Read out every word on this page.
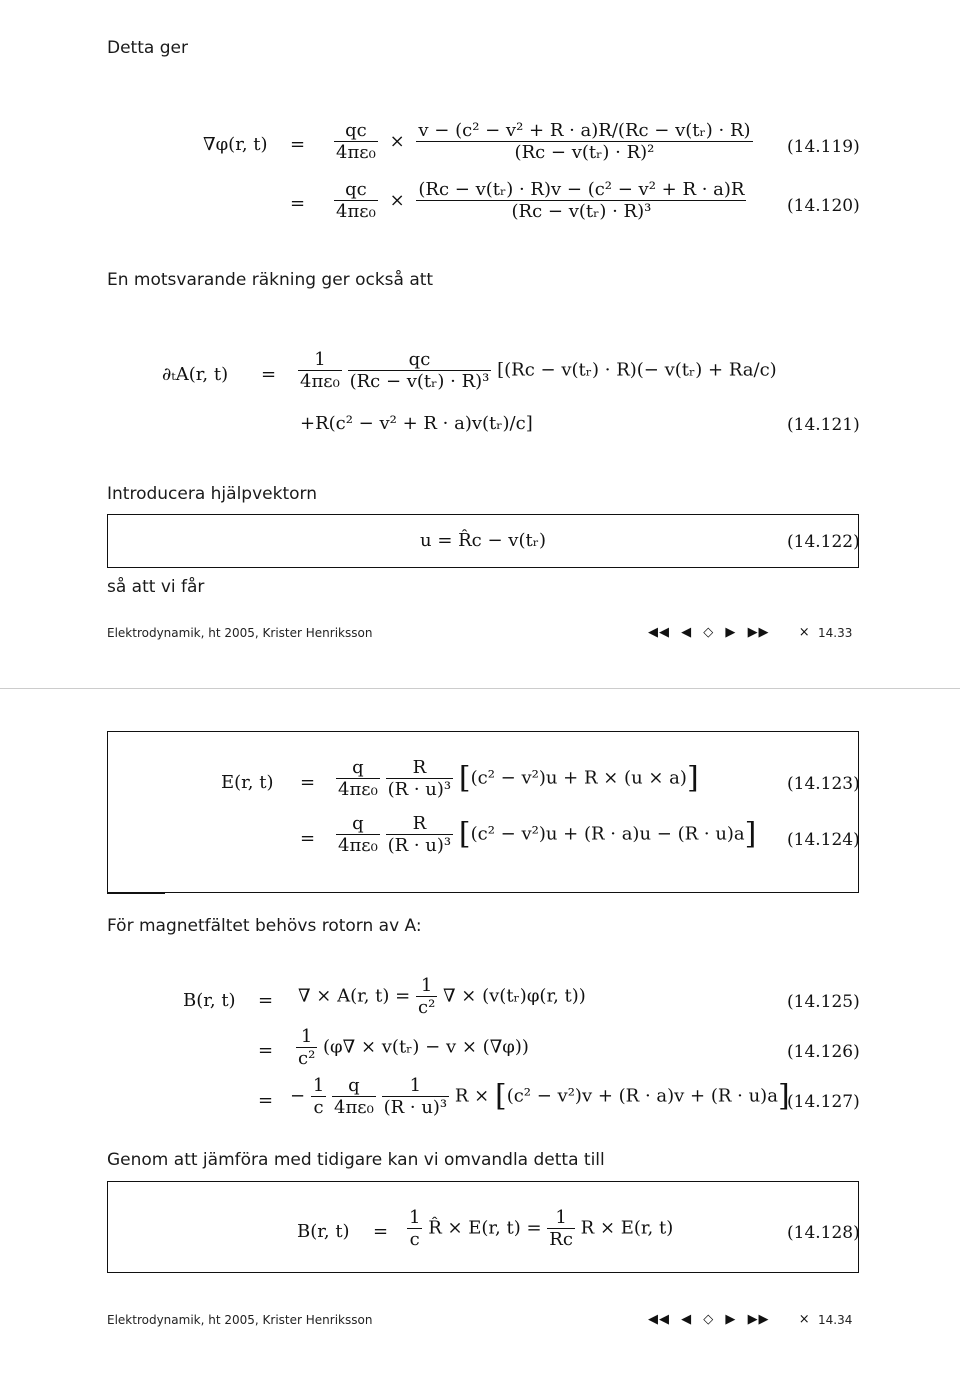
Detta ger
∇φ(r, $t) = \frac{qc}{\text{4πε₀}} \times \frac{\text{v − (c² − v² + R · a)R/(Rc − v(tᵣ) · R)}}{\text{(Rc − v(tᵣ) · R)²}} (14.119)$
= $\frac{qc}{\text{4πε₀}} \times \frac{\text{(Rc − v(tᵣ) · R)v − (c² − v² + R · a)R}}{\text{(Rc − v(tᵣ) · R)³}} (14.120)$
En motsvarande räkning ger också att
∂ₜA(r, $t) = \frac{1}{\text{4πε₀}}$
$\frac{qc}{\text{(Rc − v(tᵣ) · R)³}} [(Rc$ − v(tᵣ) · R)(− v(tᵣ) + Ra/c)
+R(c² − v² + R · a)v(tᵣ)/c]	(14.121)
Introducera hjälpvektorn
u = R̂c − v(tᵣ)	(14.122)
så att vi får
Elektrodynamik, ht 2005, Krister Henriksson	◀◀ ◀ ◇ ▶ ▶▶ × 14.33
E(r, $t) = \frac{q}{\text{4πε₀}}$
$\frac{R}{\text{(R · u)³}} [(c^2 - v^2)u + R \times (u \times a)]$	(14.123)
= $\frac{q}{\text{4πε₀}}$
$\frac{R}{\text{(R · u)³}} [(c^2 - v^2)u + (R \cdot a)u - (R \cdot u)a]$ (14.124)
För magnetfältet behövs rotorn av A:
B(r, t) = ∇ × A(r, $t) = \frac{1}{\text{c²}}$ ∇ × (v(tᵣ)φ(r, t))	(14.125)
= $\frac{1}{\text{c²}} (\varphi\nabla$ × v(tᵣ) − v × (∇φ))	(14.126)
= − $\frac{1}{c}$
$\frac{q}{\text{4πε₀}}$
$\frac{1}{\text{(R · u)³}}$ R × [(c² − v²)v + (R · a)v + (R · u)a]
(14.127)
Genom att jämföra med tidigare kan vi omvandla detta till
B(r, $t) = \frac{1}{c}$ R̂ × E(r, $t) = \frac{1}{Rc}$ R × E(r, t)	(14.128)
Elektrodynamik, ht 2005, Krister Henriksson	◀◀ ◀ ◇ ▶ ▶▶ × 14.34
